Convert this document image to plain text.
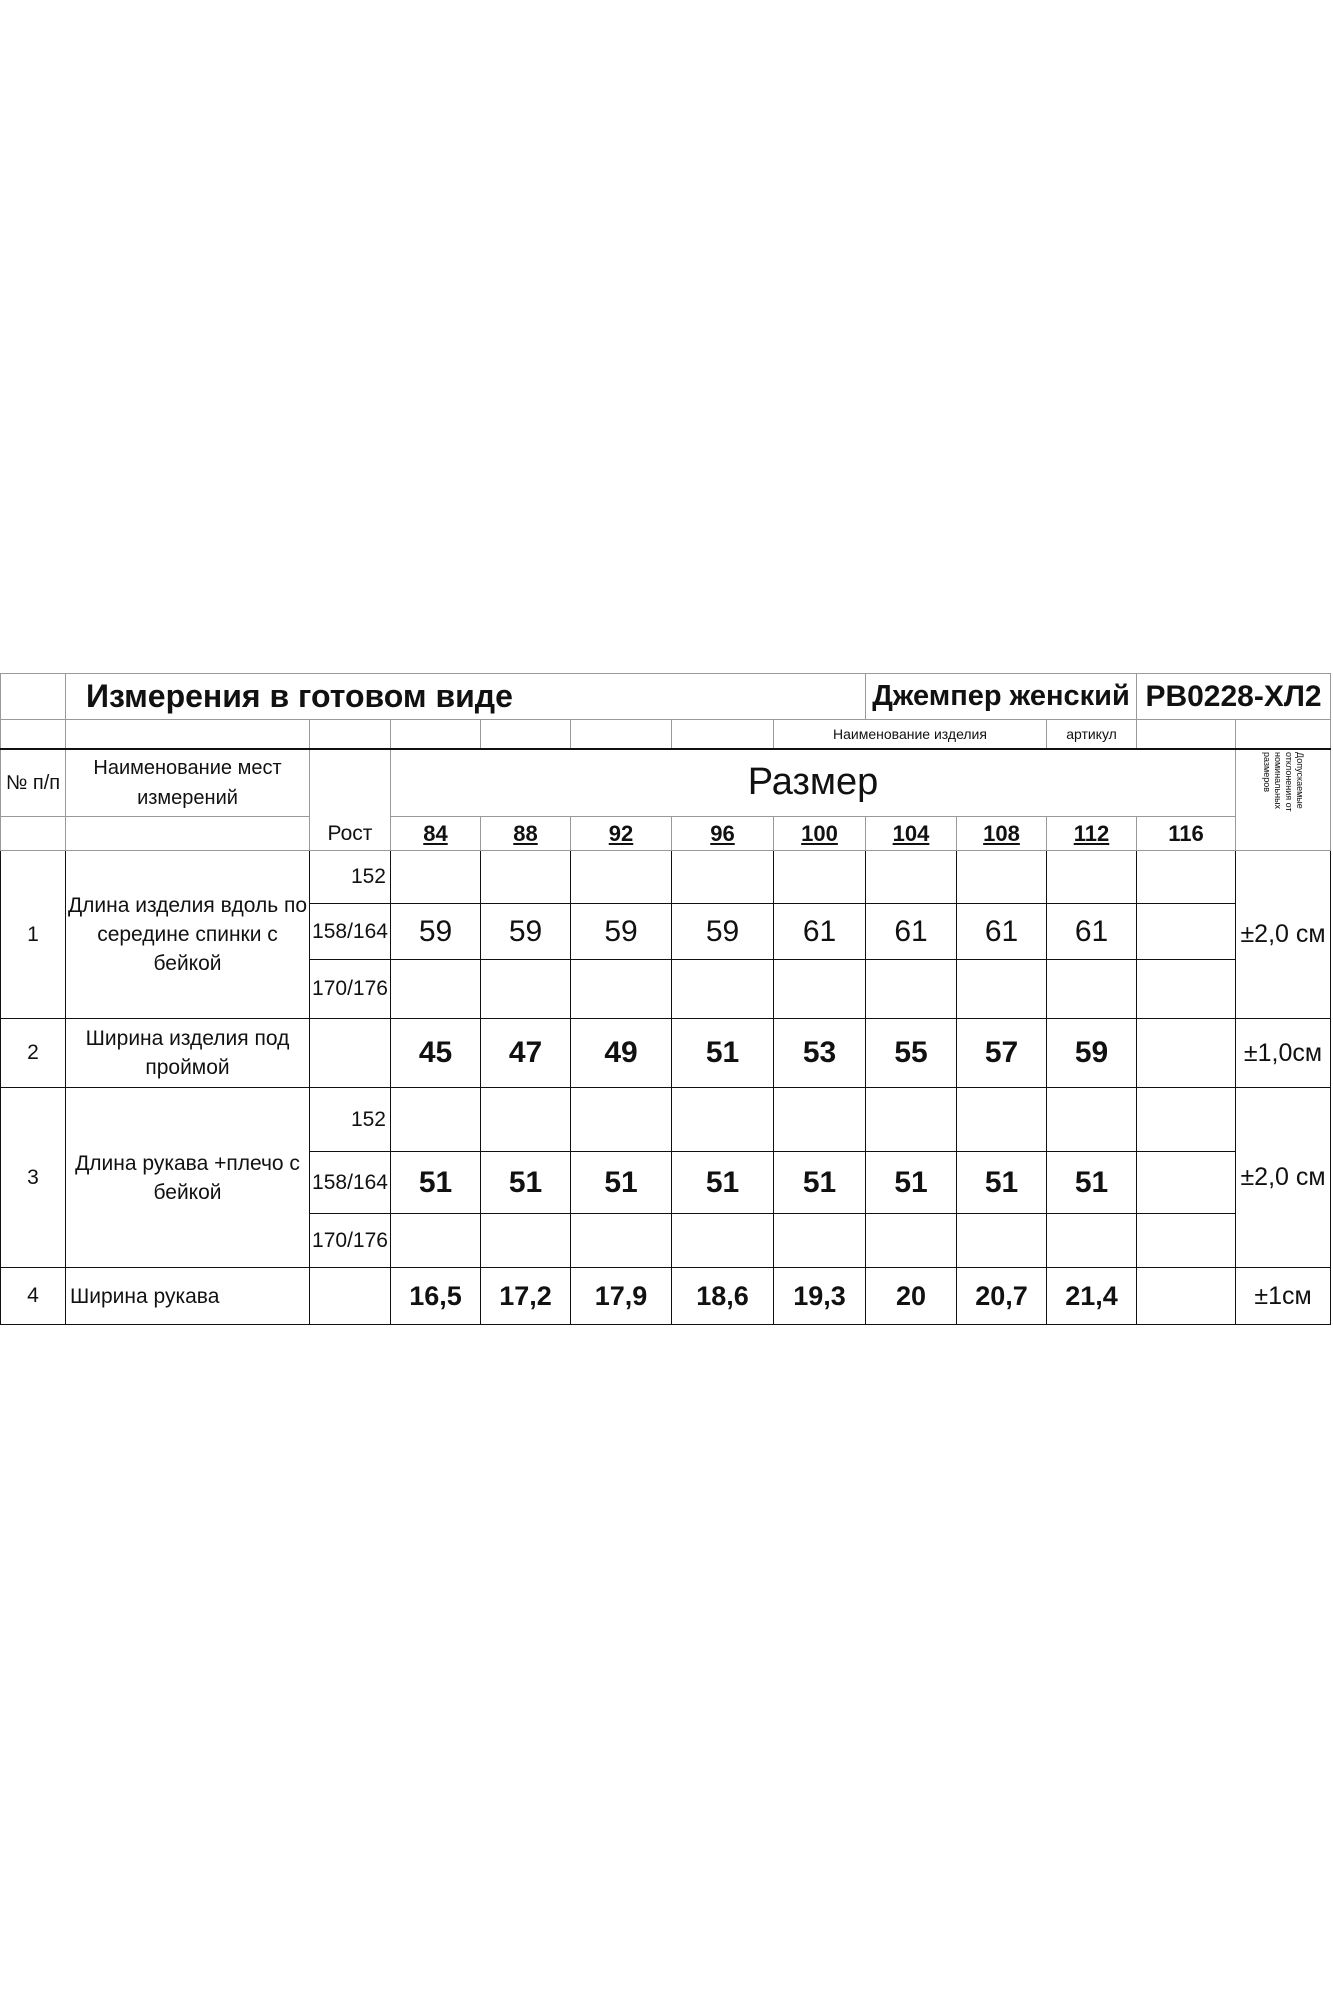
	Измерения в готовом виде							Джемпер женский			РВ0228-ХЛ2	
							Наименование изделия			артикул		
№ п/п	Наименование мест измерений	Рост	Размер									Допускаемые отклонения от номинальных размеров
			84	88	92	96	100	104	108	112	116	
1	Длина изделия вдоль по середине спинки с бейкой	152										±2,0 см
		158/164	59	59	59	59	61	61	61	61		
		170/176										
2	Ширина изделия под проймой		45	47	49	51	53	55	57	59		±1,0см
3	Длина рукава +плечо с бейкой	152										±2,0 см
		158/164	51	51	51	51	51	51	51	51		
		170/176										
4	Ширина рукава		16,5	17,2	17,9	18,6	19,3	20	20,7	21,4		±1см
